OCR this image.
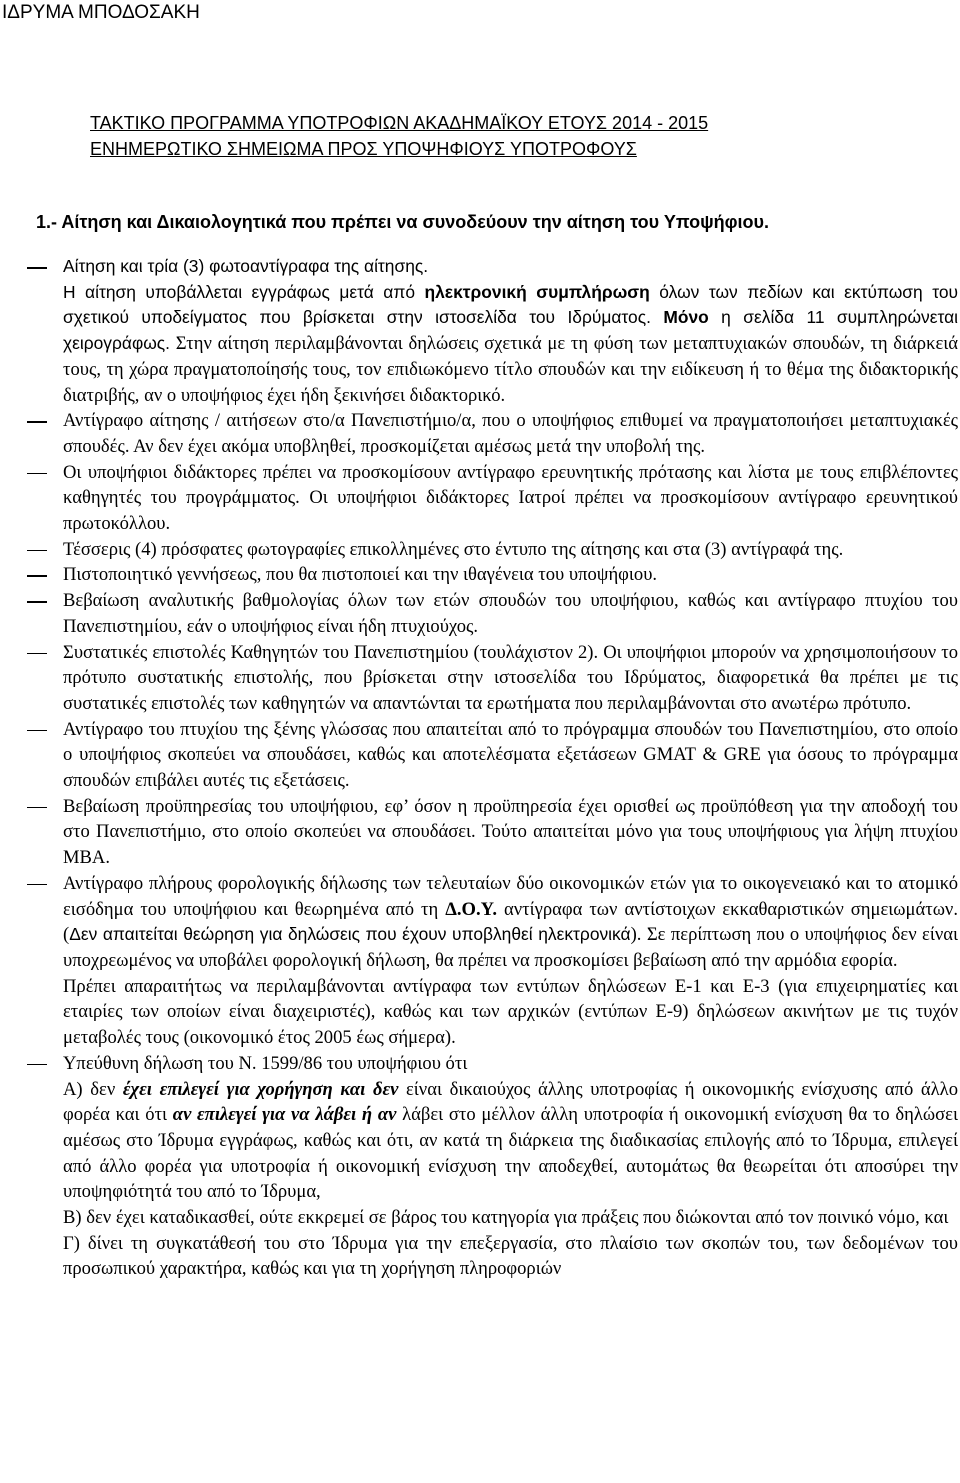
ΙΔΡΥΜΑ ΜΠΟΔΟΣΑΚΗ
ΤΑΚΤΙΚΟ ΠΡΟΓΡΑΜΜΑ ΥΠΟΤΡΟΦΙΩΝ ΑΚΑΔΗΜΑΪΚΟΥ ΕΤΟΥΣ 2014 - 2015
ΕΝΗΜΕΡΩΤΙΚΟ ΣΗΜΕΙΩΜΑ ΠΡΟΣ ΥΠΟΨΗΦΙΟΥΣ ΥΠΟΤΡΟΦΟΥΣ
1.- Αίτηση και Δικαιολογητικά που πρέπει να συνοδεύουν την αίτηση του Υποψήφιου.
Αίτηση και τρία (3) φωτοαντίγραφα της αίτησης.
Η αίτηση υποβάλλεται εγγράφως μετά από ηλεκτρονική συμπλήρωση όλων των πεδίων και εκτύπωση του σχετικού υποδείγματος που βρίσκεται στην ιστοσελίδα του Ιδρύματος. Μόνο η σελίδα 11 συμπληρώνεται χειρογράφως. Στην αίτηση περιλαμβάνονται δηλώσεις σχετικά με τη φύση των μεταπτυχιακών σπουδών, τη διάρκειά τους, τη χώρα πραγματοποίησής τους, τον επιδιωκόμενο τίτλο σπουδών και την ειδίκευση ή το θέμα της διδακτορικής διατριβής, αν ο υποψήφιος έχει ήδη ξεκινήσει διδακτορικό.
Αντίγραφο αίτησης / αιτήσεων στο/α Πανεπιστήμιο/α, που ο υποψήφιος επιθυμεί να πραγματοποιήσει μεταπτυχιακές σπουδές. Αν δεν έχει ακόμα υποβληθεί, προσκομίζεται αμέσως μετά την υποβολή της.
Οι υποψήφιοι διδάκτορες πρέπει να προσκομίσουν αντίγραφο ερευνητικής πρότασης και λίστα με τους επιβλέποντες καθηγητές του προγράμματος. Οι υποψήφιοι διδάκτορες Ιατροί πρέπει να προσκομίσουν αντίγραφο ερευνητικού πρωτοκόλλου.
Τέσσερις (4) πρόσφατες φωτογραφίες επικολλημένες στο έντυπο της αίτησης και στα (3) αντίγραφά της.
Πιστοποιητικό γεννήσεως, που θα πιστοποιεί και την ιθαγένεια του υποψήφιου.
Βεβαίωση αναλυτικής βαθμολογίας όλων των ετών σπουδών του υποψήφιου, καθώς και αντίγραφο πτυχίου του Πανεπιστημίου, εάν ο υποψήφιος είναι ήδη πτυχιούχος.
Συστατικές επιστολές Καθηγητών του Πανεπιστημίου (τουλάχιστον 2). Οι υποψήφιοι μπορούν να χρησιμοποιήσουν το πρότυπο συστατικής επιστολής, που βρίσκεται στην ιστοσελίδα του Ιδρύματος, διαφορετικά θα πρέπει με τις συστατικές επιστολές των καθηγητών να απαντώνται τα ερωτήματα που περιλαμβάνονται στο ανωτέρω πρότυπο.
Αντίγραφο του πτυχίου της ξένης γλώσσας που απαιτείται από το πρόγραμμα σπουδών του Πανεπιστημίου, στο οποίο ο υποψήφιος σκοπεύει να σπουδάσει, καθώς και αποτελέσματα εξετάσεων GMAT & GRE για όσους το πρόγραμμα σπουδών επιβάλει αυτές τις εξετάσεις.
Βεβαίωση προϋπηρεσίας του υποψήφιου, εφ’ όσον η προϋπηρεσία έχει ορισθεί ως προϋπόθεση για την αποδοχή του στο Πανεπιστήμιο, στο οποίο σκοπεύει να σπουδάσει. Τούτο απαιτείται μόνο για τους υποψήφιους για λήψη πτυχίου ΜΒΑ.
Αντίγραφο πλήρους φορολογικής δήλωσης των τελευταίων δύο οικονομικών ετών για το οικογενειακό και το ατομικό εισόδημα του υποψήφιου και θεωρημένα από τη Δ.Ο.Υ. αντίγραφα των αντίστοιχων εκκαθαριστικών σημειωμάτων. (Δεν απαιτείται θεώρηση για δηλώσεις που έχουν υποβληθεί ηλεκτρονικά). Σε περίπτωση που ο υποψήφιος δεν είναι υποχρεωμένος να υποβάλει φορολογική δήλωση, θα πρέπει να προσκομίσει βεβαίωση από την αρμόδια εφορία.
Πρέπει απαραιτήτως να περιλαμβάνονται αντίγραφα των εντύπων δηλώσεων Ε-1 και Ε-3 (για επιχειρηματίες και εταιρίες των οποίων είναι διαχειριστές), καθώς και των αρχικών (εντύπων Ε-9) δηλώσεων ακινήτων με τις τυχόν μεταβολές τους (οικονομικό έτος 2005 έως σήμερα).
Υπεύθυνη δήλωση του Ν. 1599/86 του υποψήφιου ότι
Α) δεν έχει επιλεγεί για χορήγηση και δεν είναι δικαιούχος άλλης υποτροφίας ή οικονομικής ενίσχυσης από άλλο φορέα και ότι αν επιλεγεί για να λάβει ή αν λάβει στο μέλλον άλλη υποτροφία ή οικονομική ενίσχυση θα το δηλώσει αμέσως στο Ίδρυμα εγγράφως, καθώς και ότι, αν κατά τη διάρκεια της διαδικασίας επιλογής από το Ίδρυμα, επιλεγεί από άλλο φορέα για υποτροφία ή οικονομική ενίσχυση την αποδεχθεί, αυτομάτως θα θεωρείται ότι αποσύρει την υποψηφιότητά του από το Ίδρυμα,
Β) δεν έχει καταδικασθεί, ούτε εκκρεμεί σε βάρος του κατηγορία για πράξεις που διώκονται από τον ποινικό νόμο, και
Γ) δίνει τη συγκατάθεσή του στο Ίδρυμα για την επεξεργασία, στο πλαίσιο των σκοπών του, των δεδομένων του προσωπικού χαρακτήρα, καθώς και για τη χορήγηση πληροφοριών
